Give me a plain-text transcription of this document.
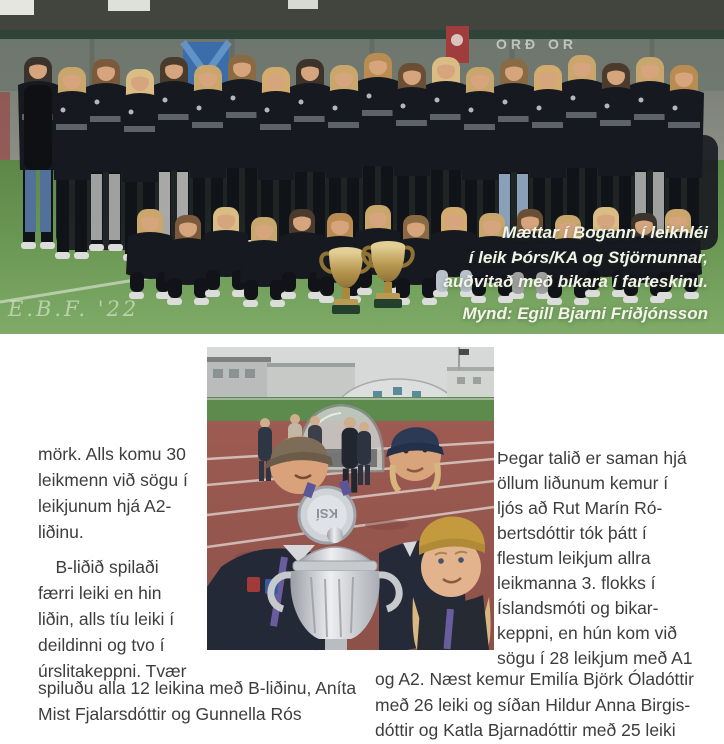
ORÐ OR
Mættar í Bogann í leikhléi
í leik Þórs/KA og Stjörnunnar,
auðvitað með bikara í farteskinu.
Mynd: Egill Bjarni Friðjónsson
E.B.F. '22
KSÍ
mörk. Alls komu 30
leikmenn við sögu í
leikjunum hjá A2-
liðinu.
  B-liðið spilaði
færri leiki en hin
liðin, alls tíu leiki í
deildinni og tvo í
úrslitakeppni. Tvær
spiluðu alla 12 leikina með B-liðinu, Aníta
Mist Fjalarsdóttir og Gunnella Rós
Þegar talið er saman hjá
öllum liðunum kemur í
ljós að Rut Marín Ró-
bertsdóttir tók þátt í
flestum leikjum allra
leikmanna 3. flokks í
Íslandsmóti og bikar-
keppni, en hún kom við
sögu í 28 leikjum með A1
og A2. Næst kemur Emilía Björk Óladóttir
með 26 leiki og síðan Hildur Anna Birgis-
dóttir og Katla Bjarnadóttir með 25 leiki
